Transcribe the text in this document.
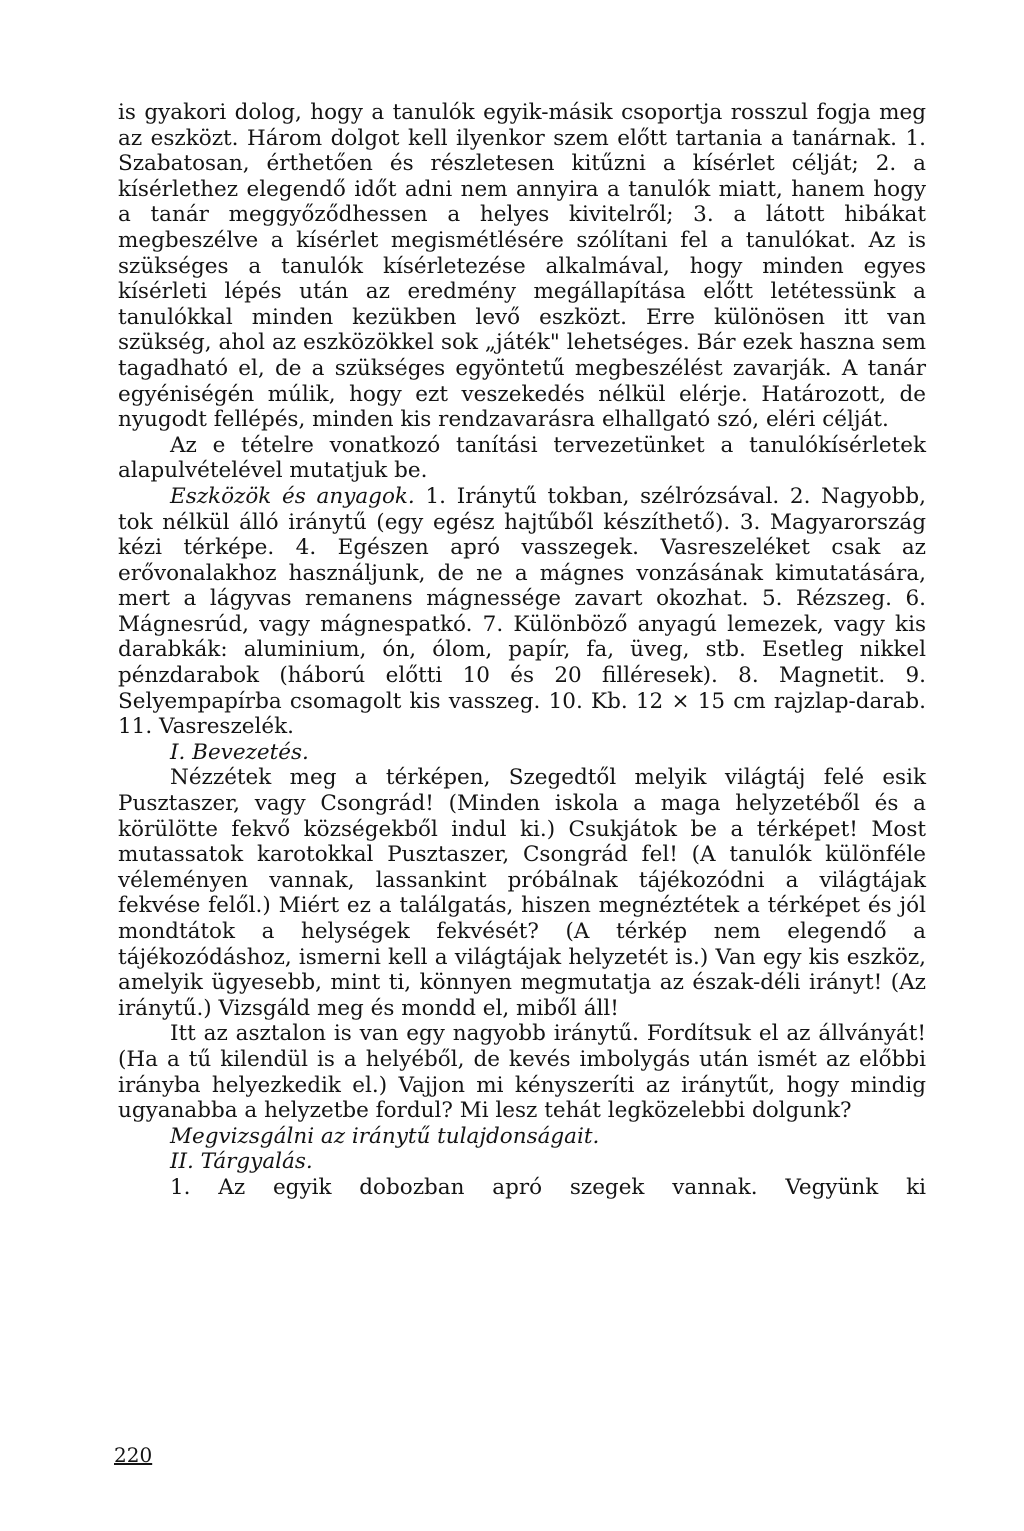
is gyakori dolog, hogy a tanulók egyik-másik csoportja rosszul fogja meg az eszközt. Három dolgot kell ilyenkor szem előtt tartania a tanárnak. 1. Szabatosan, érthetően és részletesen kitűzni a kísérlet célját; 2. a kísérlethez elegendő időt adni nem annyira a tanulók miatt, hanem hogy a tanár meggyőződhessen a helyes kivitelről; 3. a látott hibákat megbeszélve a kísérlet megismétlésére szólítani fel a tanulókat. Az is szükséges a tanulók kísérletezése alkalmával, hogy minden egyes kísérleti lépés után az eredmény megállapítása előtt letétessünk a tanulókkal minden kezükben levő eszközt. Erre különösen itt van szükség, ahol az eszközökkel sok „játék" lehetséges. Bár ezek haszna sem tagadható el, de a szükséges egyöntetű megbeszélést zavarják. A tanár egyéniségén múlik, hogy ezt veszekedés nélkül elérje. Határozott, de nyugodt fellépés, minden kis rendzavarásra elhallgató szó, eléri célját.

Az e tételre vonatkozó tanítási tervezetünket a tanulókísérletek alapulvételével mutatjuk be.

Eszközök és anyagok. 1. Iránytű tokban, szélrózsával. 2. Nagyobb, tok nélkül álló iránytű (egy egész hajtűből készíthető). 3. Magyarország kézi térképe. 4. Egészen apró vasszegek. Vasreszeléket csak az erővonalakhoz használjunk, de ne a mágnes vonzásának kimutatására, mert a lágyvas remanens mágnessége zavart okozhat. 5. Rézszeg. 6. Mágnesrúd, vagy mágnespatkó. 7. Különböző anyagú lemezek, vagy kis darabkák: aluminium, ón, ólom, papír, fa, üveg, stb. Esetleg nikkel pénzdarabok (háború előtti 10 és 20 filléresek). 8. Magnetit. 9. Selyempapírba csomagolt kis vasszeg. 10. Kb. 12 × 15 cm rajzlap-darab. 11. Vasreszelék.

I. Bevezetés.

Nézzétek meg a térképen, Szegedtől melyik világtáj felé esik Pusztaszer, vagy Csongrád! (Minden iskola a maga helyzetéből és a körülötte fekvő községekből indul ki.) Csukjátok be a térképet! Most mutassatok karotokkal Pusztaszer, Csongrád fel! (A tanulók különféle véleményen vannak, lassankint próbálnak tájékozódni a világtájak fekvése felől.) Miért ez a találgatás, hiszen megnéztétek a térképet és jól mondtátok a helységek fekvését? (A térkép nem elegendő a tájékozódáshoz, ismerni kell a világtájak helyzetét is.) Van egy kis eszköz, amelyik ügyesebb, mint ti, könnyen megmutatja az észak-déli irányt! (Az iránytű.) Vizsgáld meg és mondd el, miből áll!

Itt az asztalon is van egy nagyobb iránytű. Fordítsuk el az állványát! (Ha a tű kilendül is a helyéből, de kevés imbolygás után ismét az előbbi irányba helyezkedik el.) Vajjon mi kényszeríti az iránytűt, hogy mindig ugyanabba a helyzetbe fordul? Mi lesz tehát legközelebbi dolgunk?

Megvizsgálni az iránytű tulajdonságait.

II. Tárgyalás.

1. Az egyik dobozban apró szegek vannak. Vegyünk ki

220
